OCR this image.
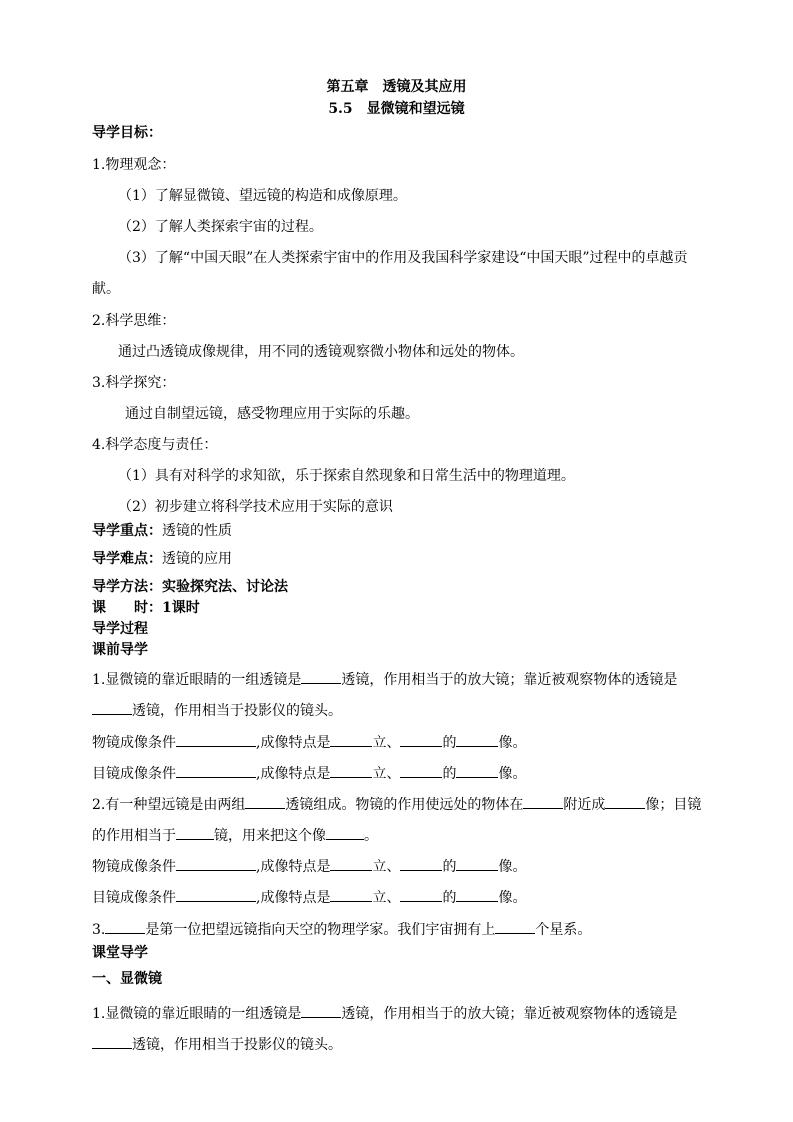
第五章　透镜及其应用
5.5　显微镜和望远镜
导学目标：
1.物理观念：
（1）了解显微镜、望远镜的构造和成像原理。
（2）了解人类探索宇宙的过程。
（3）了解“中国天眼”在人类探索宇宙中的作用及我国科学家建设“中国天眼”过程中的卓越贡
献。
2.科学思维：
通过凸透镜成像规律，用不同的透镜观察微小物体和远处的物体。
3.科学探究：
通过自制望远镜，感受物理应用于实际的乐趣。
4.科学态度与责任：
（1）具有对科学的求知欲，乐于探索自然现象和日常生活中的物理道理。
（2）初步建立将科学技术应用于实际的意识
导学重点：透镜的性质
导学难点：透镜的应用
导学方法：实验探究法、讨论法
课　　时：1课时
导学过程
课前导学
1.显微镜的靠近眼睛的一组透镜是	透镜，作用相当于的放大镜；靠近被观察物体的透镜是
透镜，作用相当于投影仪的镜头。
物镜成像条件	,成像特点是	立、	的	像。
目镜成像条件	,成像特点是	立、	的	像。
2.有一种望远镜是由两组	透镜组成。物镜的作用使远处的物体在	附近成	像；目镜
的作用相当于	镜，用来把这个像	。
物镜成像条件	,成像特点是	立、	的	像。
目镜成像条件	,成像特点是	立、	的	像。
3.	是第一位把望远镜指向天空的物理学家。我们宇宙拥有上	个星系。
课堂导学
一、显微镜
1.显微镜的靠近眼睛的一组透镜是	透镜，作用相当于的放大镜；靠近被观察物体的透镜是
透镜，作用相当于投影仪的镜头。
